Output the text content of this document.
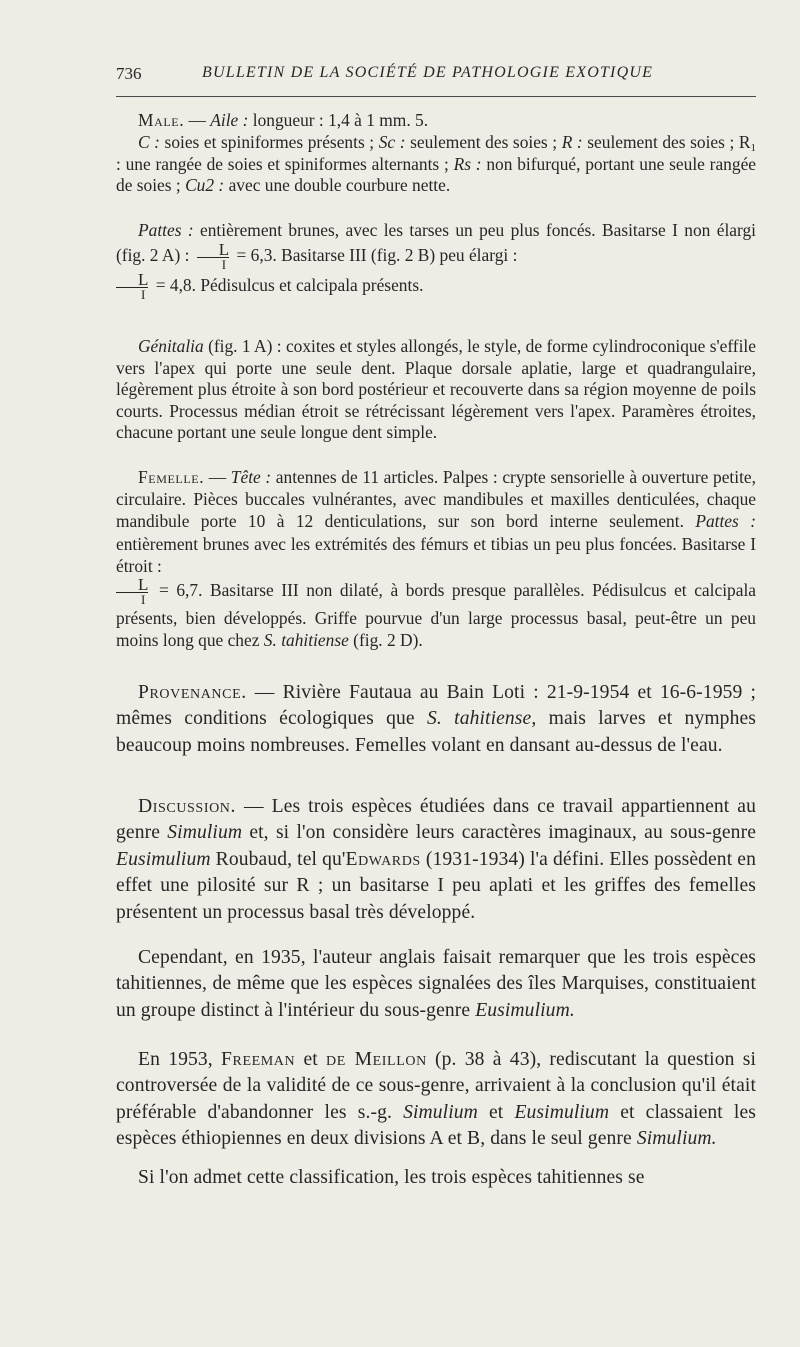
736	BULLETIN DE LA SOCIÉTÉ DE PATHOLOGIE EXOTIQUE
Male. — Aile : longueur : 1,4 à 1 mm. 5.
C : soies et spiniformes présents ; Sc : seulement des soies ; R : seulement des soies ; $R_1$ : une rangée de soies et spiniformes alternants ; Rs : non bifurqué, portant une seule rangée de soies ; Cu2 : avec une double courbure nette.
Pattes : entièrement brunes, avec les tarses un peu plus foncés. Basitarse I non élargi (fig. 2 A) : $\frac{L}{I} = 6,3$. Basitarse III (fig. 2 B) peu élargi :

$\frac{L}{I} = 4,8$. Pédisulcus et calcipala présents.
Génitalia (fig. 1 A) : coxites et styles allongés, le style, de forme cylindroconique s'effile vers l'apex qui porte une seule dent. Plaque dorsale aplatie, large et quadrangulaire, légèrement plus étroite à son bord postérieur et recouverte dans sa région moyenne de poils courts. Processus médian étroit se rétrécissant légèrement vers l'apex. Paramères étroites, chacune portant une seule longue dent simple.
Femelle. — Tête : antennes de 11 articles. Palpes : crypte sensorielle à ouverture petite, circulaire. Pièces buccales vulnérantes, avec mandibules et maxilles denticulées, chaque mandibule porte 10 à 12 denticulations, sur son bord interne seulement. Pattes : entièrement brunes avec les extrémités des fémurs et tibias un peu plus foncées. Basitarse I étroit :

$\frac{L}{I} = 6,7$. Basitarse III non dilaté, à bords presque parallèles. Pédisulcus et calcipala présents, bien développés. Griffe pourvue d'un large processus basal, peut-être un peu moins long que chez S. tahitiense (fig. 2 D).
Provenance. — Rivière Fautaua au Bain Loti : 21-9-1954 et 16-6-1959 ; mêmes conditions écologiques que S. tahitiense, mais larves et nymphes beaucoup moins nombreuses. Femelles volant en dansant au-dessus de l'eau.
Discussion. — Les trois espèces étudiées dans ce travail appartiennent au genre Simulium et, si l'on considère leurs caractères imaginaux, au sous-genre Eusimulium Roubaud, tel qu'Edwards (1931-1934) l'a défini. Elles possèdent en effet une pilosité sur R ; un basitarse I peu aplati et les griffes des femelles présentent un processus basal très développé.
Cependant, en 1935, l'auteur anglais faisait remarquer que les trois espèces tahitiennes, de même que les espèces signalées des îles Marquises, constituaient un groupe distinct à l'intérieur du sous-genre Eusimulium.
En 1953, Freeman et de Meillon (p. 38 à 43), rediscutant la question si controversée de la validité de ce sous-genre, arrivaient à la conclusion qu'il était préférable d'abandonner les s.-g. Simulium et Eusimulium et classaient les espèces éthiopiennes en deux divisions A et B, dans le seul genre Simulium.
Si l'on admet cette classification, les trois espèces tahitiennes se
